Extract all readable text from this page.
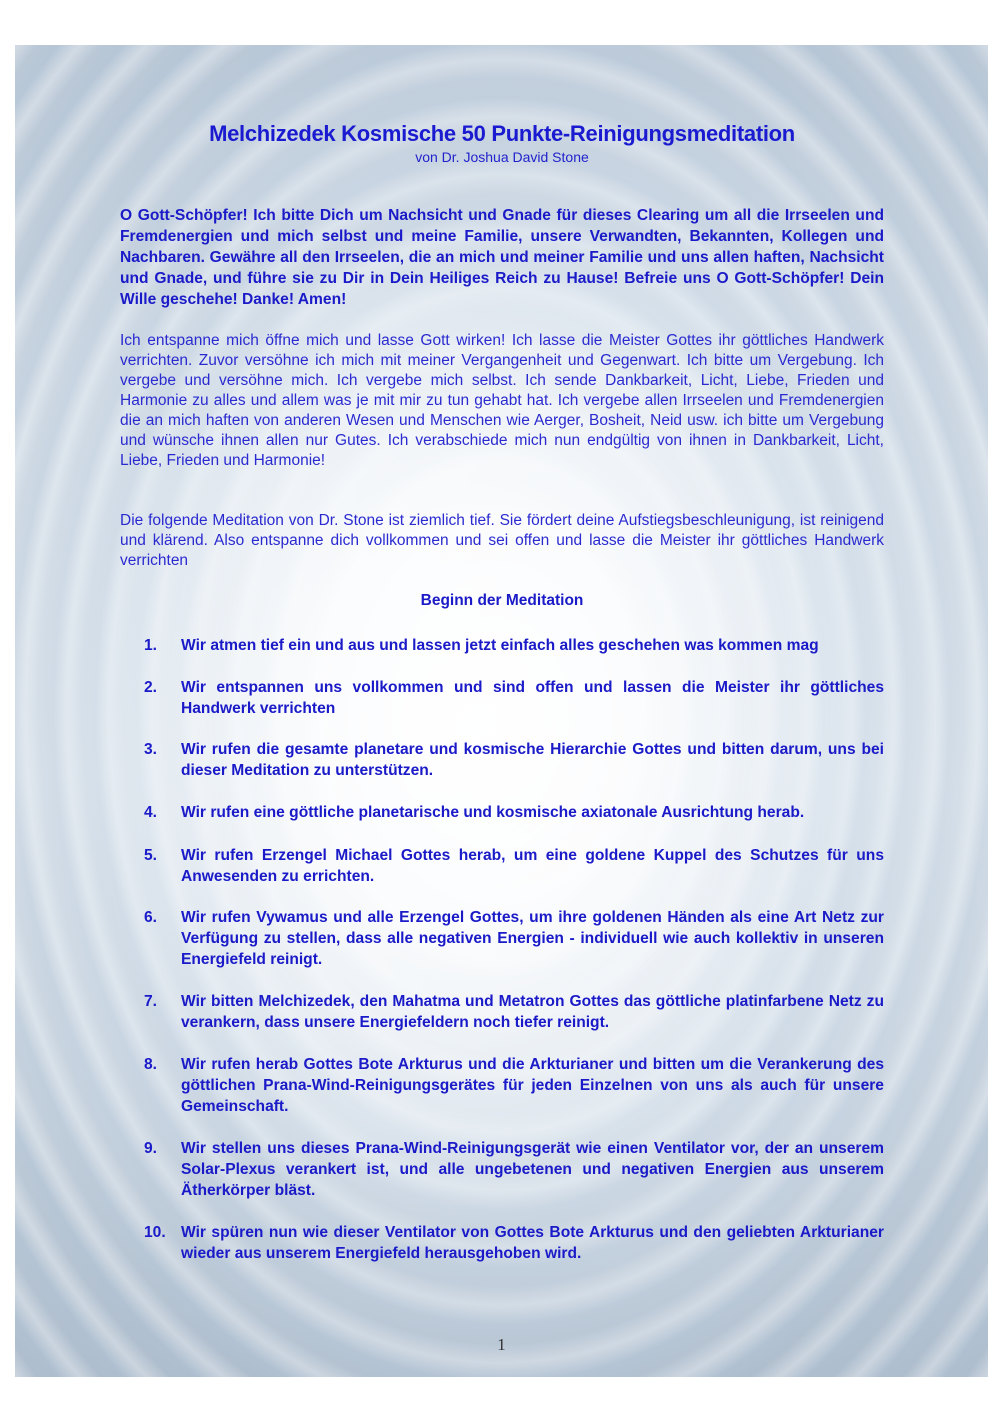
Melchizedek Kosmische 50 Punkte-Reinigungsmeditation

von Dr. Joshua David Stone

O Gott-Schöpfer! Ich bitte Dich um Nachsicht und Gnade für dieses Clearing um all die Irrseelen und Fremdenergien und mich selbst und meine Familie, unsere Verwandten, Bekannten, Kollegen und Nachbaren. Gewähre all den Irrseelen, die an mich und meiner Familie und uns allen haften, Nachsicht und Gnade, und führe sie zu Dir in Dein Heiliges Reich zu Hause! Befreie uns O Gott-Schöpfer! Dein Wille geschehe! Danke! Amen!

Ich entspanne mich öffne mich und lasse Gott wirken! Ich lasse die Meister Gottes ihr göttliches Handwerk verrichten. Zuvor versöhne ich mich mit meiner Vergangenheit und Gegenwart. Ich bitte um Vergebung. Ich vergebe und versöhne mich. Ich vergebe mich selbst. Ich sende Dankbarkeit, Licht, Liebe, Frieden und Harmonie zu alles und allem was je mit mir zu tun gehabt hat. Ich vergebe allen Irrseelen und Fremdenergien die an mich haften von anderen Wesen und Menschen wie Aerger, Bosheit, Neid usw. ich bitte um Vergebung und wünsche ihnen allen nur Gutes. Ich verabschiede mich nun endgültig von ihnen in Dankbarkeit, Licht, Liebe, Frieden und Harmonie!

Die folgende Meditation von Dr. Stone ist ziemlich tief. Sie fördert deine Aufstiegsbeschleunigung, ist reinigend und klärend. Also entspanne dich vollkommen und sei offen und lasse die Meister ihr göttliches Handwerk verrichten

Beginn der Meditation

1.	Wir atmen tief ein und aus und lassen jetzt einfach alles geschehen was kommen mag
2.	Wir entspannen uns vollkommen und sind offen und lassen die Meister ihr göttliches Handwerk verrichten
3.	Wir rufen die gesamte planetare und kosmische Hierarchie Gottes und bitten darum, uns bei dieser Meditation zu unterstützen.
4.	Wir rufen eine göttliche planetarische und kosmische axiatonale Ausrichtung herab.
5.	Wir rufen Erzengel Michael Gottes herab, um eine goldene Kuppel des Schutzes für uns Anwesenden zu errichten.
6.	Wir rufen Vywamus und alle Erzengel Gottes, um ihre goldenen Händen als eine Art Netz zur Verfügung zu stellen, dass alle negativen Energien - individuell wie auch kollektiv in unseren Energiefeld reinigt.
7.	Wir bitten Melchizedek, den Mahatma und Metatron Gottes das göttliche platinfarbene Netz zu verankern, dass unsere Energiefeldern noch tiefer reinigt.
8.	Wir rufen herab Gottes Bote Arkturus und die Arkturianer und bitten um die Verankerung des göttlichen Prana-Wind-Reinigungsgerätes für jeden Einzelnen von uns als auch für unsere Gemeinschaft.
9.	Wir stellen uns dieses Prana-Wind-Reinigungsgerät wie einen Ventilator vor, der an unserem Solar-Plexus verankert ist, und alle ungebetenen und negativen Energien aus unserem Ätherkörper bläst.
10. Wir spüren nun wie dieser Ventilator von Gottes Bote Arkturus und den geliebten Arkturianer wieder aus unserem Energiefeld herausgehoben wird.
1
